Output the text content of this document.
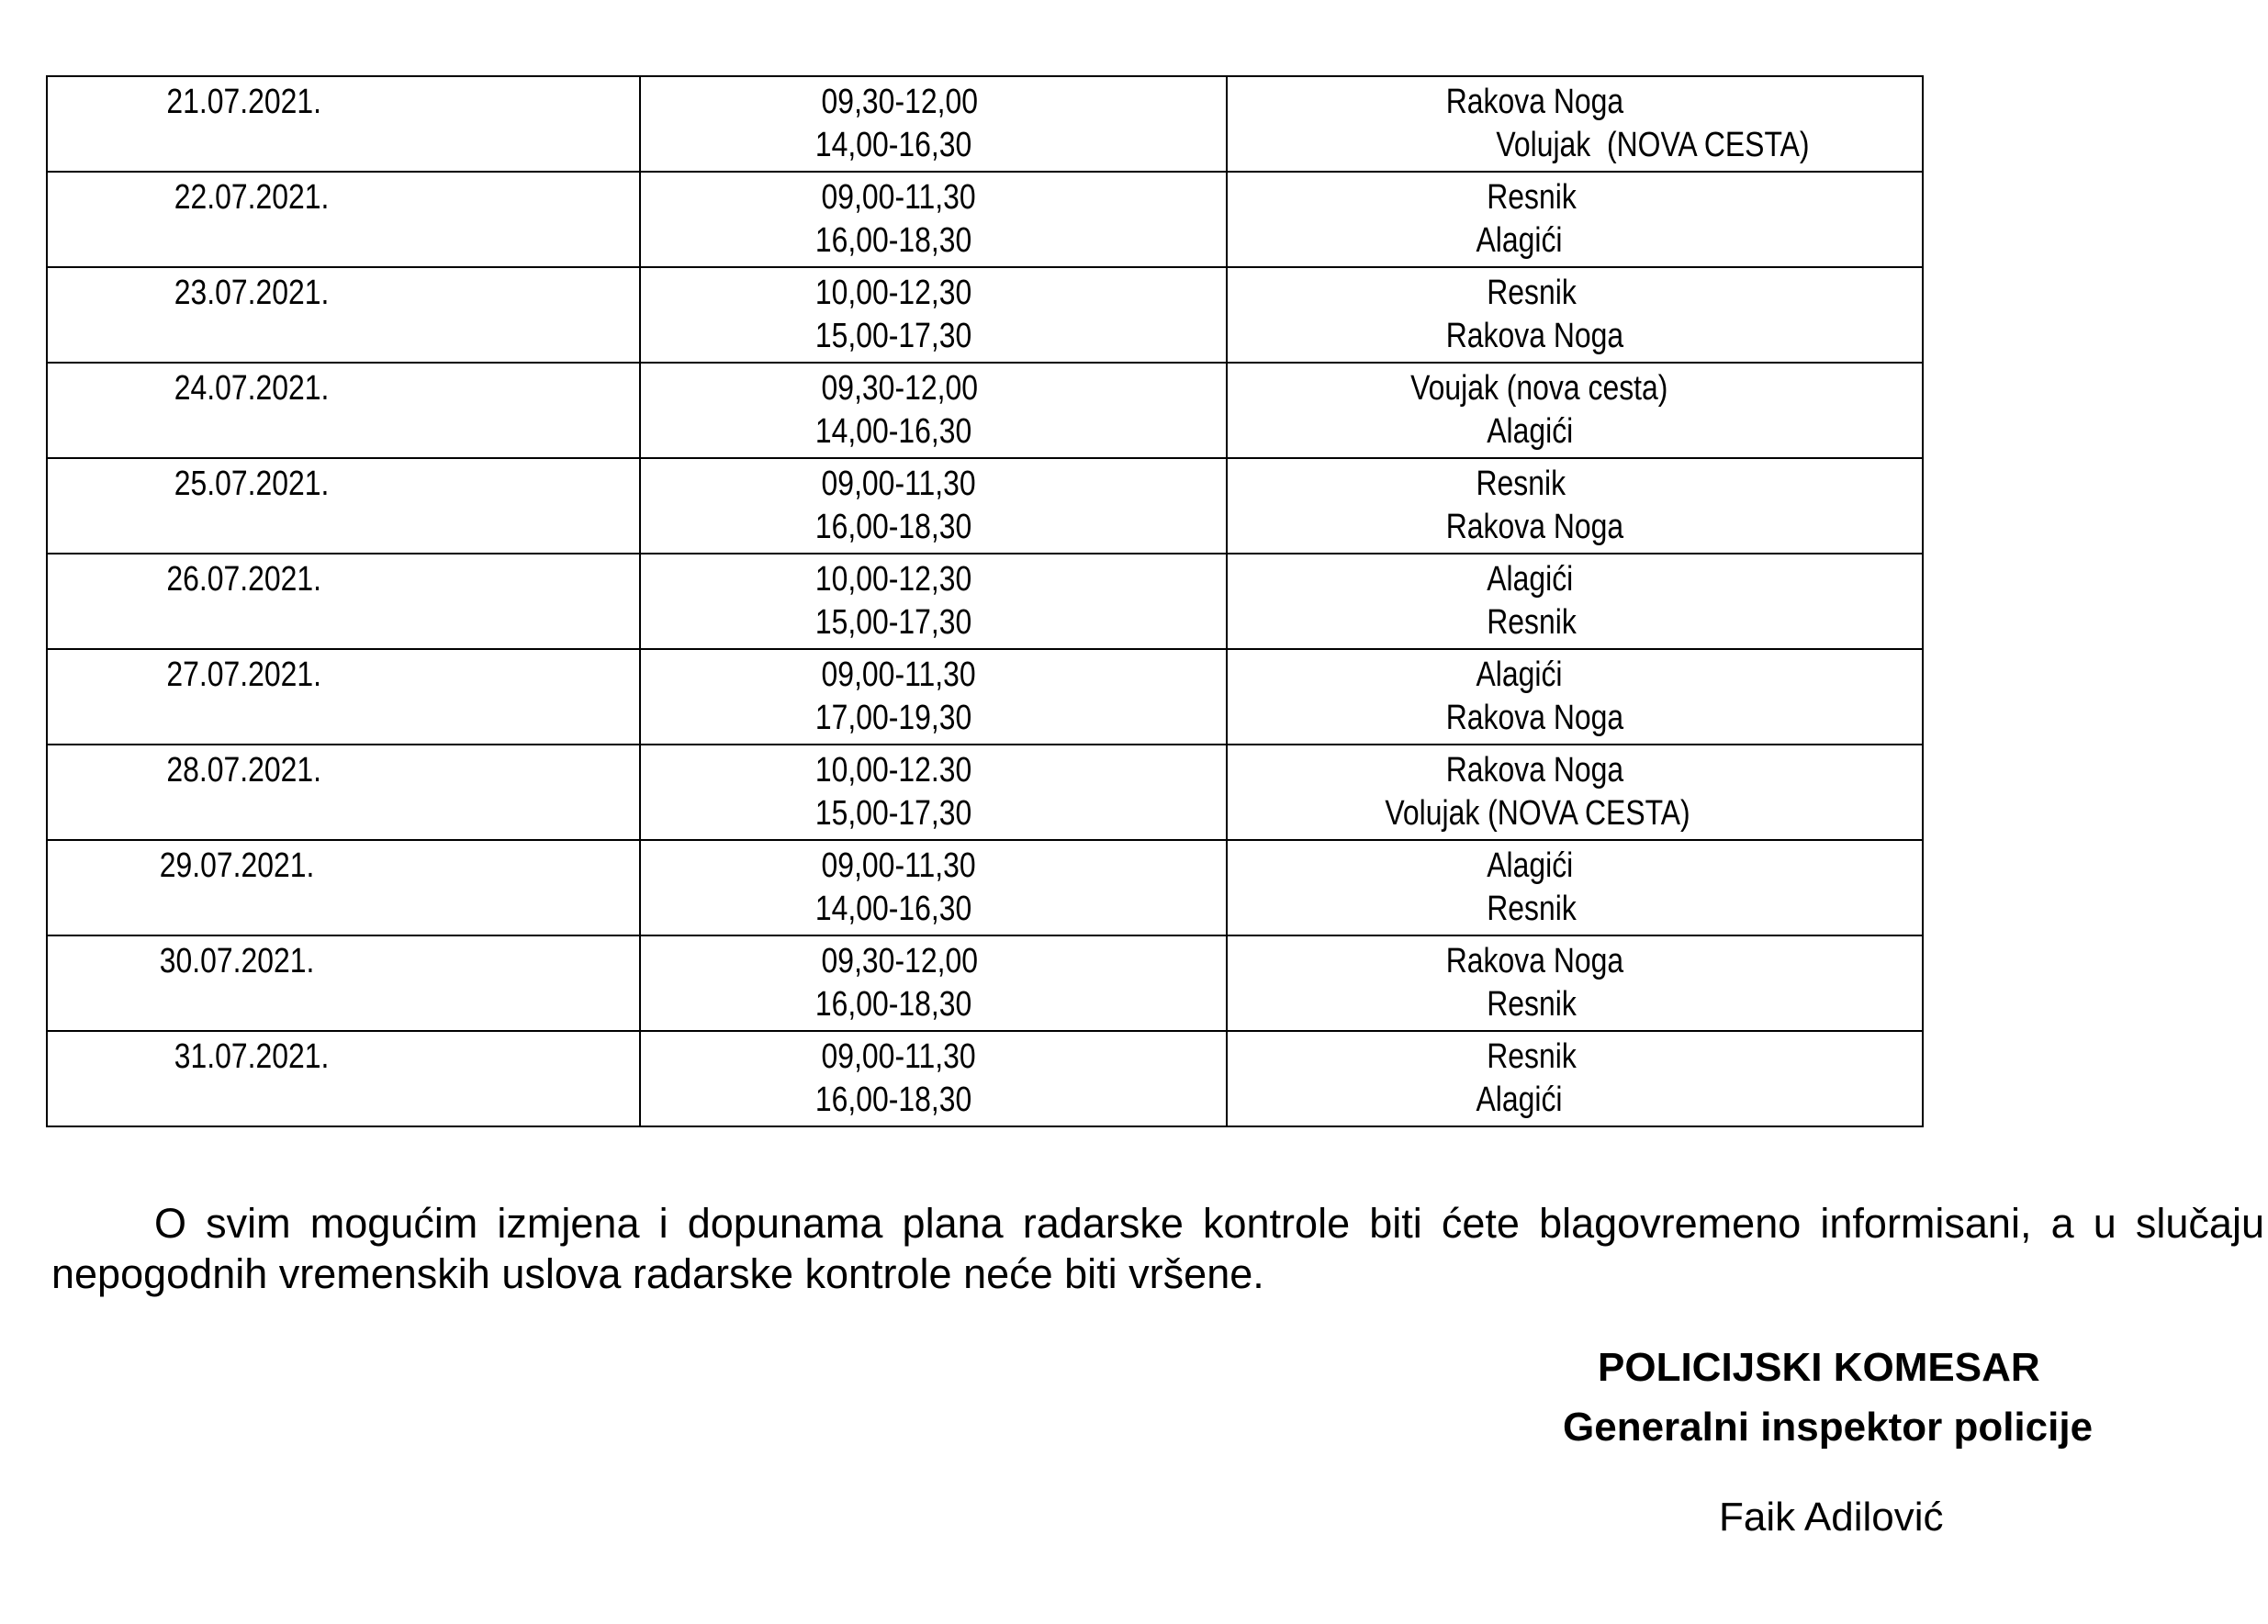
21.07.2021.	09,30-12,0014,00-16,30	Rakova NogaVolujak  (NOVA CESTA)

22.07.2021.	09,00-11,3016,00-18,30	ResnikAlagići

23.07.2021.	10,00-12,3015,00-17,30	ResnikRakova Noga

24.07.2021.	09,30-12,0014,00-16,30	Voujak (nova cesta)Alagići

25.07.2021.	09,00-11,3016,00-18,30	ResnikRakova Noga

26.07.2021.	10,00-12,3015,00-17,30	AlagićiResnik

27.07.2021.	09,00-11,3017,00-19,30	AlagićiRakova Noga

28.07.2021.	10,00-12.3015,00-17,30	Rakova NogaVolujak (NOVA CESTA)

29.07.2021.	09,00-11,3014,00-16,30	AlagićiResnik

30.07.2021.	09,30-12,0016,00-18,30	Rakova NogaResnik

31.07.2021.	09,00-11,3016,00-18,30	ResnikAlagići
O svim mogućim izmjena i dopunama plana radarske kontrole biti ćete blagovremeno informisani, a u slučaju nepogodnih vremenskih uslova radarske kontrole neće biti vršene.
POLICIJSKI KOMESAR
Generalni inspektor policije
Faik Adilović
